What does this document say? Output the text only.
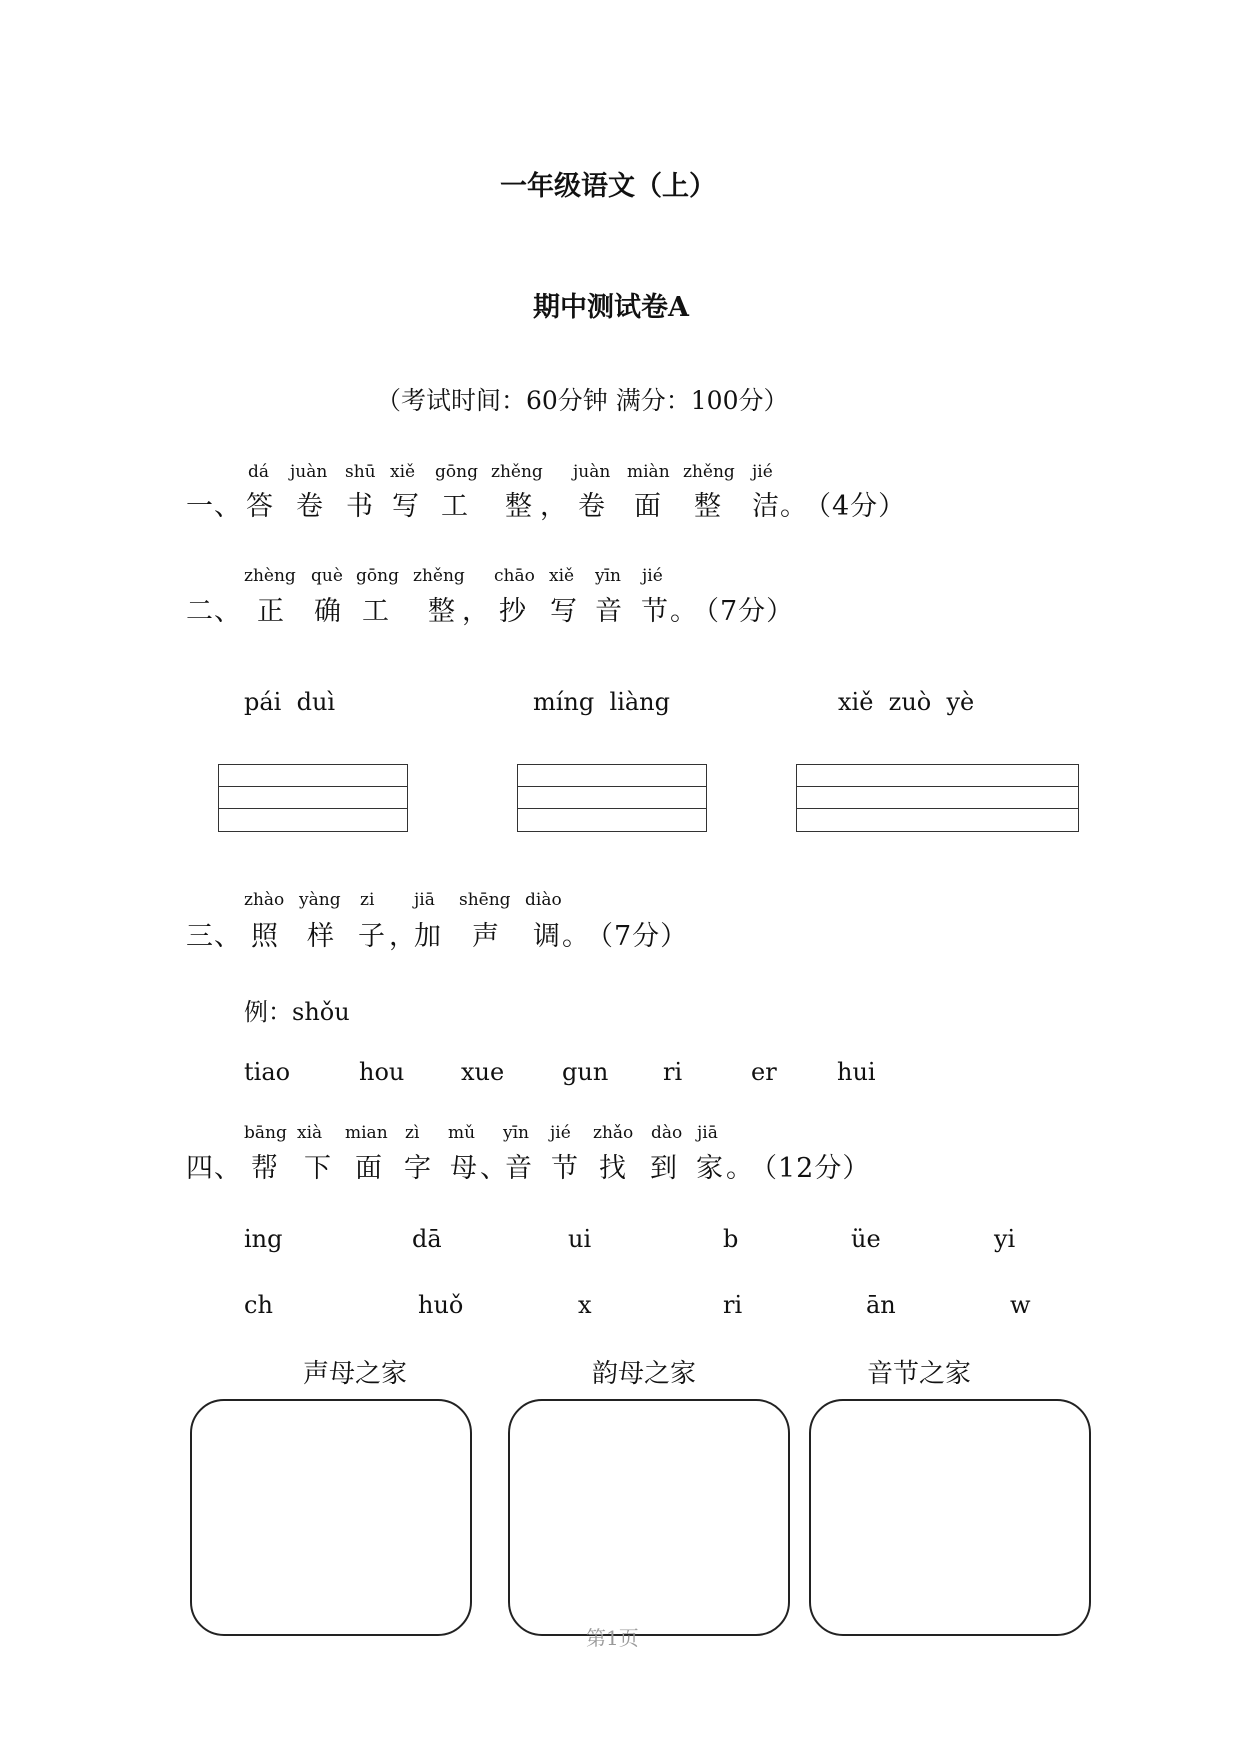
一年级语文（上）
期中测试卷A
（考试时间：60分钟 满分：100分）
dá juàn shū xiě gōng zhěng juàn miàn zhěng jié
一、 答 卷 书 写 工 整 ， 卷 面 整 洁 。
（4分）
zhèng què gōng zhěng chāo xiě yīn jié
二、 正 确 工 整 ， 抄 写 音 节 。
（7分）
pái  duì	míng  liàng	xiě  zuò  yè
zhào yàng zi jiā shēng diào
三、 照 样 子 ，
加 声 调 。
（7分）
例：shǒu
tiao	hou xue gun ri	er	hui
bāng xià mian zì mǔ yīn jié zhǎo dào jiā
四、 帮 下 面 字 母 、
音 节 找 到 家 。
（12分）
ing	dā	ui	b	üe	yi
ch	huǒ	x	ri	ān	w
声母之家	韵母之家	音节之家
第1页
